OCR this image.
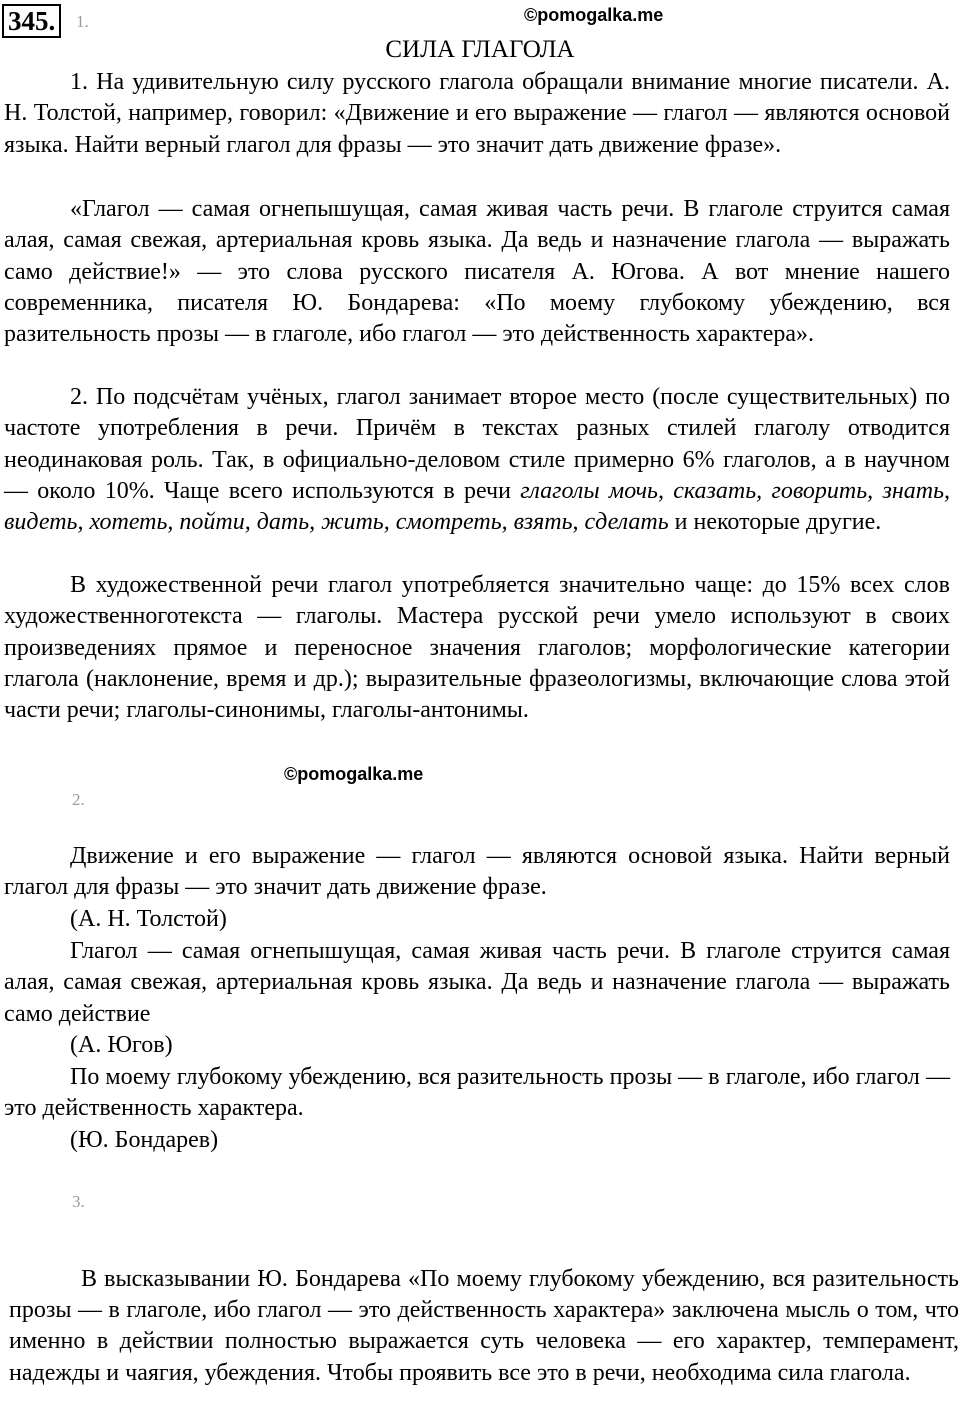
345.	1.	©pomogalka.me
СИЛА ГЛАГОЛА
1. На удивительную силу русского глагола обращали внимание многие писатели. А. Н. Толстой, например, говорил: «Движение и его выражение — глагол — являются основой языка. Найти верный глагол для фразы — это значит дать движение фразе».
«Глагол — самая огнепышущая, самая живая часть речи. В глаголе струится самая алая, самая свежая, артериальная кровь языка. Да ведь и назначение глагола — выражать само действие!» — это слова русского писателя А. Югова. А вот мнение нашего современника, писателя Ю. Бондарева: «По моему глубокому убеждению, вся разительность прозы — в глаголе, ибо глагол — это действенность характера».
2. По подсчётам учёных, глагол занимает второе место (после существительных) по частоте употребления в речи. Причём в текстах разных стилей глаголу отводится неодинаковая роль. Так, в официально-деловом стиле примерно 6% глаголов, а в научном — около 10%. Чаще всего используются в речи глаголы мочь, сказать, говорить, знать, видеть, хотеть, пойти, дать, жить, смотреть, взять, сделать и некоторые другие.
В художественной речи глагол употребляется значительно чаще: до 15% всех слов художественноготекста — глаголы. Мастера русской речи умело используют в своих произведениях прямое и переносное значения глаголов; морфологические категории глагола (наклонение, время и др.); выразительные фразеологизмы, включающие слова этой части речи; глаголы-синонимы, глаголы-антонимы.
©pomogalka.me
2.
Движение и его выражение — глагол — являются основой языка. Найти верный глагол для фразы — это значит дать движение фразе.
(А. Н. Толстой)
Глагол — самая огнепышущая, самая живая часть речи. В глаголе струится самая алая, самая свежая, артериальная кровь языка. Да ведь и назначение глагола — выражать само действие
(А. Югов)
По моему глубокому убеждению, вся разительность прозы — в глаголе, ибо глагол — это действенность характера.
(Ю. Бондарев)
3.
В высказывании Ю. Бондарева «По моему глубокому убеждению, вся разительность прозы — в глаголе, ибо глагол — это действенность характера» заключена мысль о том, что именно в действии полностью выражается суть человека — его характер, темперамент, надежды и чаягия, убеждения. Чтобы проявить все это в речи, необходима сила глагола.
